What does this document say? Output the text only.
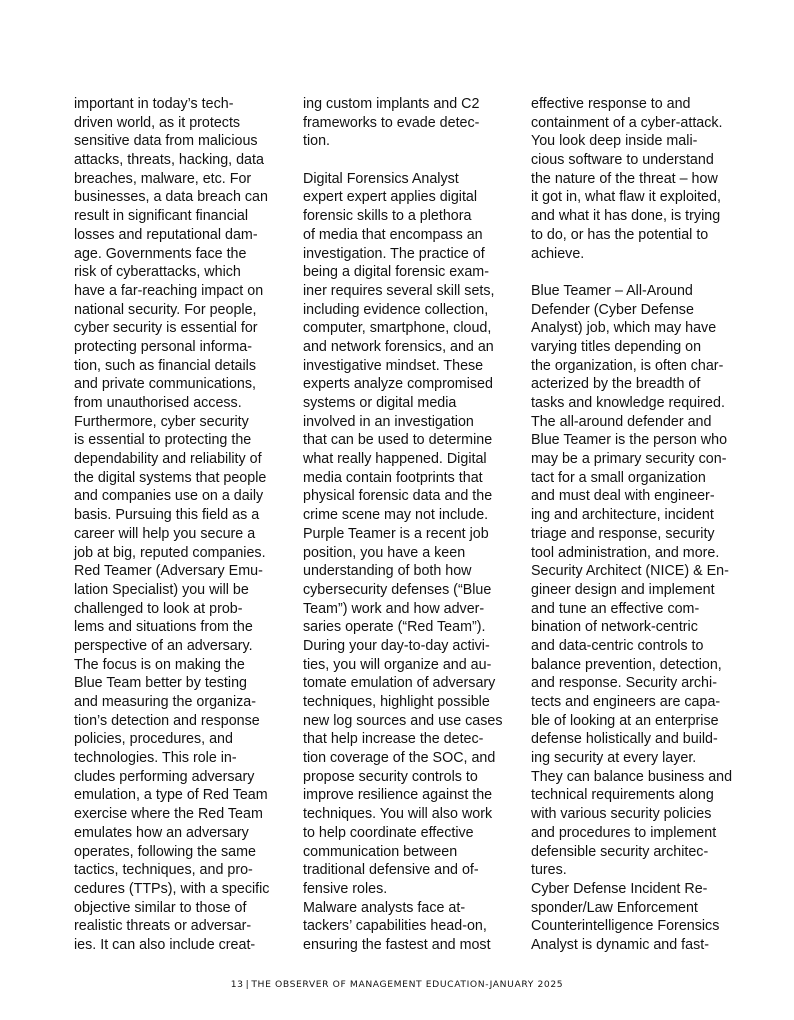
important in today’s tech-
driven world, as it protects
sensitive data from malicious
attacks, threats, hacking, data
breaches, malware, etc. For
businesses, a data breach can
result in significant financial
losses and reputational dam-
age. Governments face the
risk of cyberattacks, which
have a far-reaching impact on
national security. For people,
cyber security is essential for
protecting personal informa-
tion, such as financial details
and private communications,
from unauthorised access.
Furthermore, cyber security
is essential to protecting the
dependability and reliability of
the digital systems that people
and companies use on a daily
basis. Pursuing this field as a
career will help you secure a
job at big, reputed companies.
Red Teamer (Adversary Emu-
lation Specialist) you will be
challenged to look at prob-
lems and situations from the
perspective of an adversary.
The focus is on making the
Blue Team better by testing
and measuring the organiza-
tion’s detection and response
policies, procedures, and
technologies. This role in-
cludes performing adversary
emulation, a type of Red Team
exercise where the Red Team
emulates how an adversary
operates, following the same
tactics, techniques, and pro-
cedures (TTPs), with a specific
objective similar to those of
realistic threats or adversar-
ies. It can also include creat-
ing custom implants and C2
frameworks to evade detec-
tion.
Digital Forensics Analyst
expert expert applies digital
forensic skills to a plethora
of media that encompass an
investigation. The practice of
being a digital forensic exam-
iner requires several skill sets,
including evidence collection,
computer, smartphone, cloud,
and network forensics, and an
investigative mindset. These
experts analyze compromised
systems or digital media
involved in an investigation
that can be used to determine
what really happened. Digital
media contain footprints that
physical forensic data and the
crime scene may not include.
Purple Teamer is a recent job
position, you have a keen
understanding of both how
cybersecurity defenses (“Blue
Team”) work and how adver-
saries operate (“Red Team”).
During your day-to-day activi-
ties, you will organize and au-
tomate emulation of adversary
techniques, highlight possible
new log sources and use cases
that help increase the detec-
tion coverage of the SOC, and
propose security controls to
improve resilience against the
techniques. You will also work
to help coordinate effective
communication between
traditional defensive and of-
fensive roles.
Malware analysts face at-
tackers’ capabilities head-on,
ensuring the fastest and most
effective response to and
containment of a cyber-attack.
You look deep inside mali-
cious software to understand
the nature of the threat – how
it got in, what flaw it exploited,
and what it has done, is trying
to do, or has the potential to
achieve.
Blue Teamer – All-Around
Defender (Cyber Defense
Analyst) job, which may have
varying titles depending on
the organization, is often char-
acterized by the breadth of
tasks and knowledge required.
The all-around defender and
Blue Teamer is the person who
may be a primary security con-
tact for a small organization
and must deal with engineer-
ing and architecture, incident
triage and response, security
tool administration, and more.
Security Architect (NICE) & En-
gineer design and implement
and tune an effective com-
bination of network-centric
and data-centric controls to
balance prevention, detection,
and response. Security archi-
tects and engineers are capa-
ble of looking at an enterprise
defense holistically and build-
ing security at every layer.
They can balance business and
technical requirements along
with various security policies
and procedures to implement
defensible security architec-
tures.
Cyber Defense Incident Re-
sponder/Law Enforcement
Counterintelligence Forensics
Analyst is dynamic and fast-
13 | THE OBSERVER OF MANAGEMENT EDUCATION-JANUARY 2025
